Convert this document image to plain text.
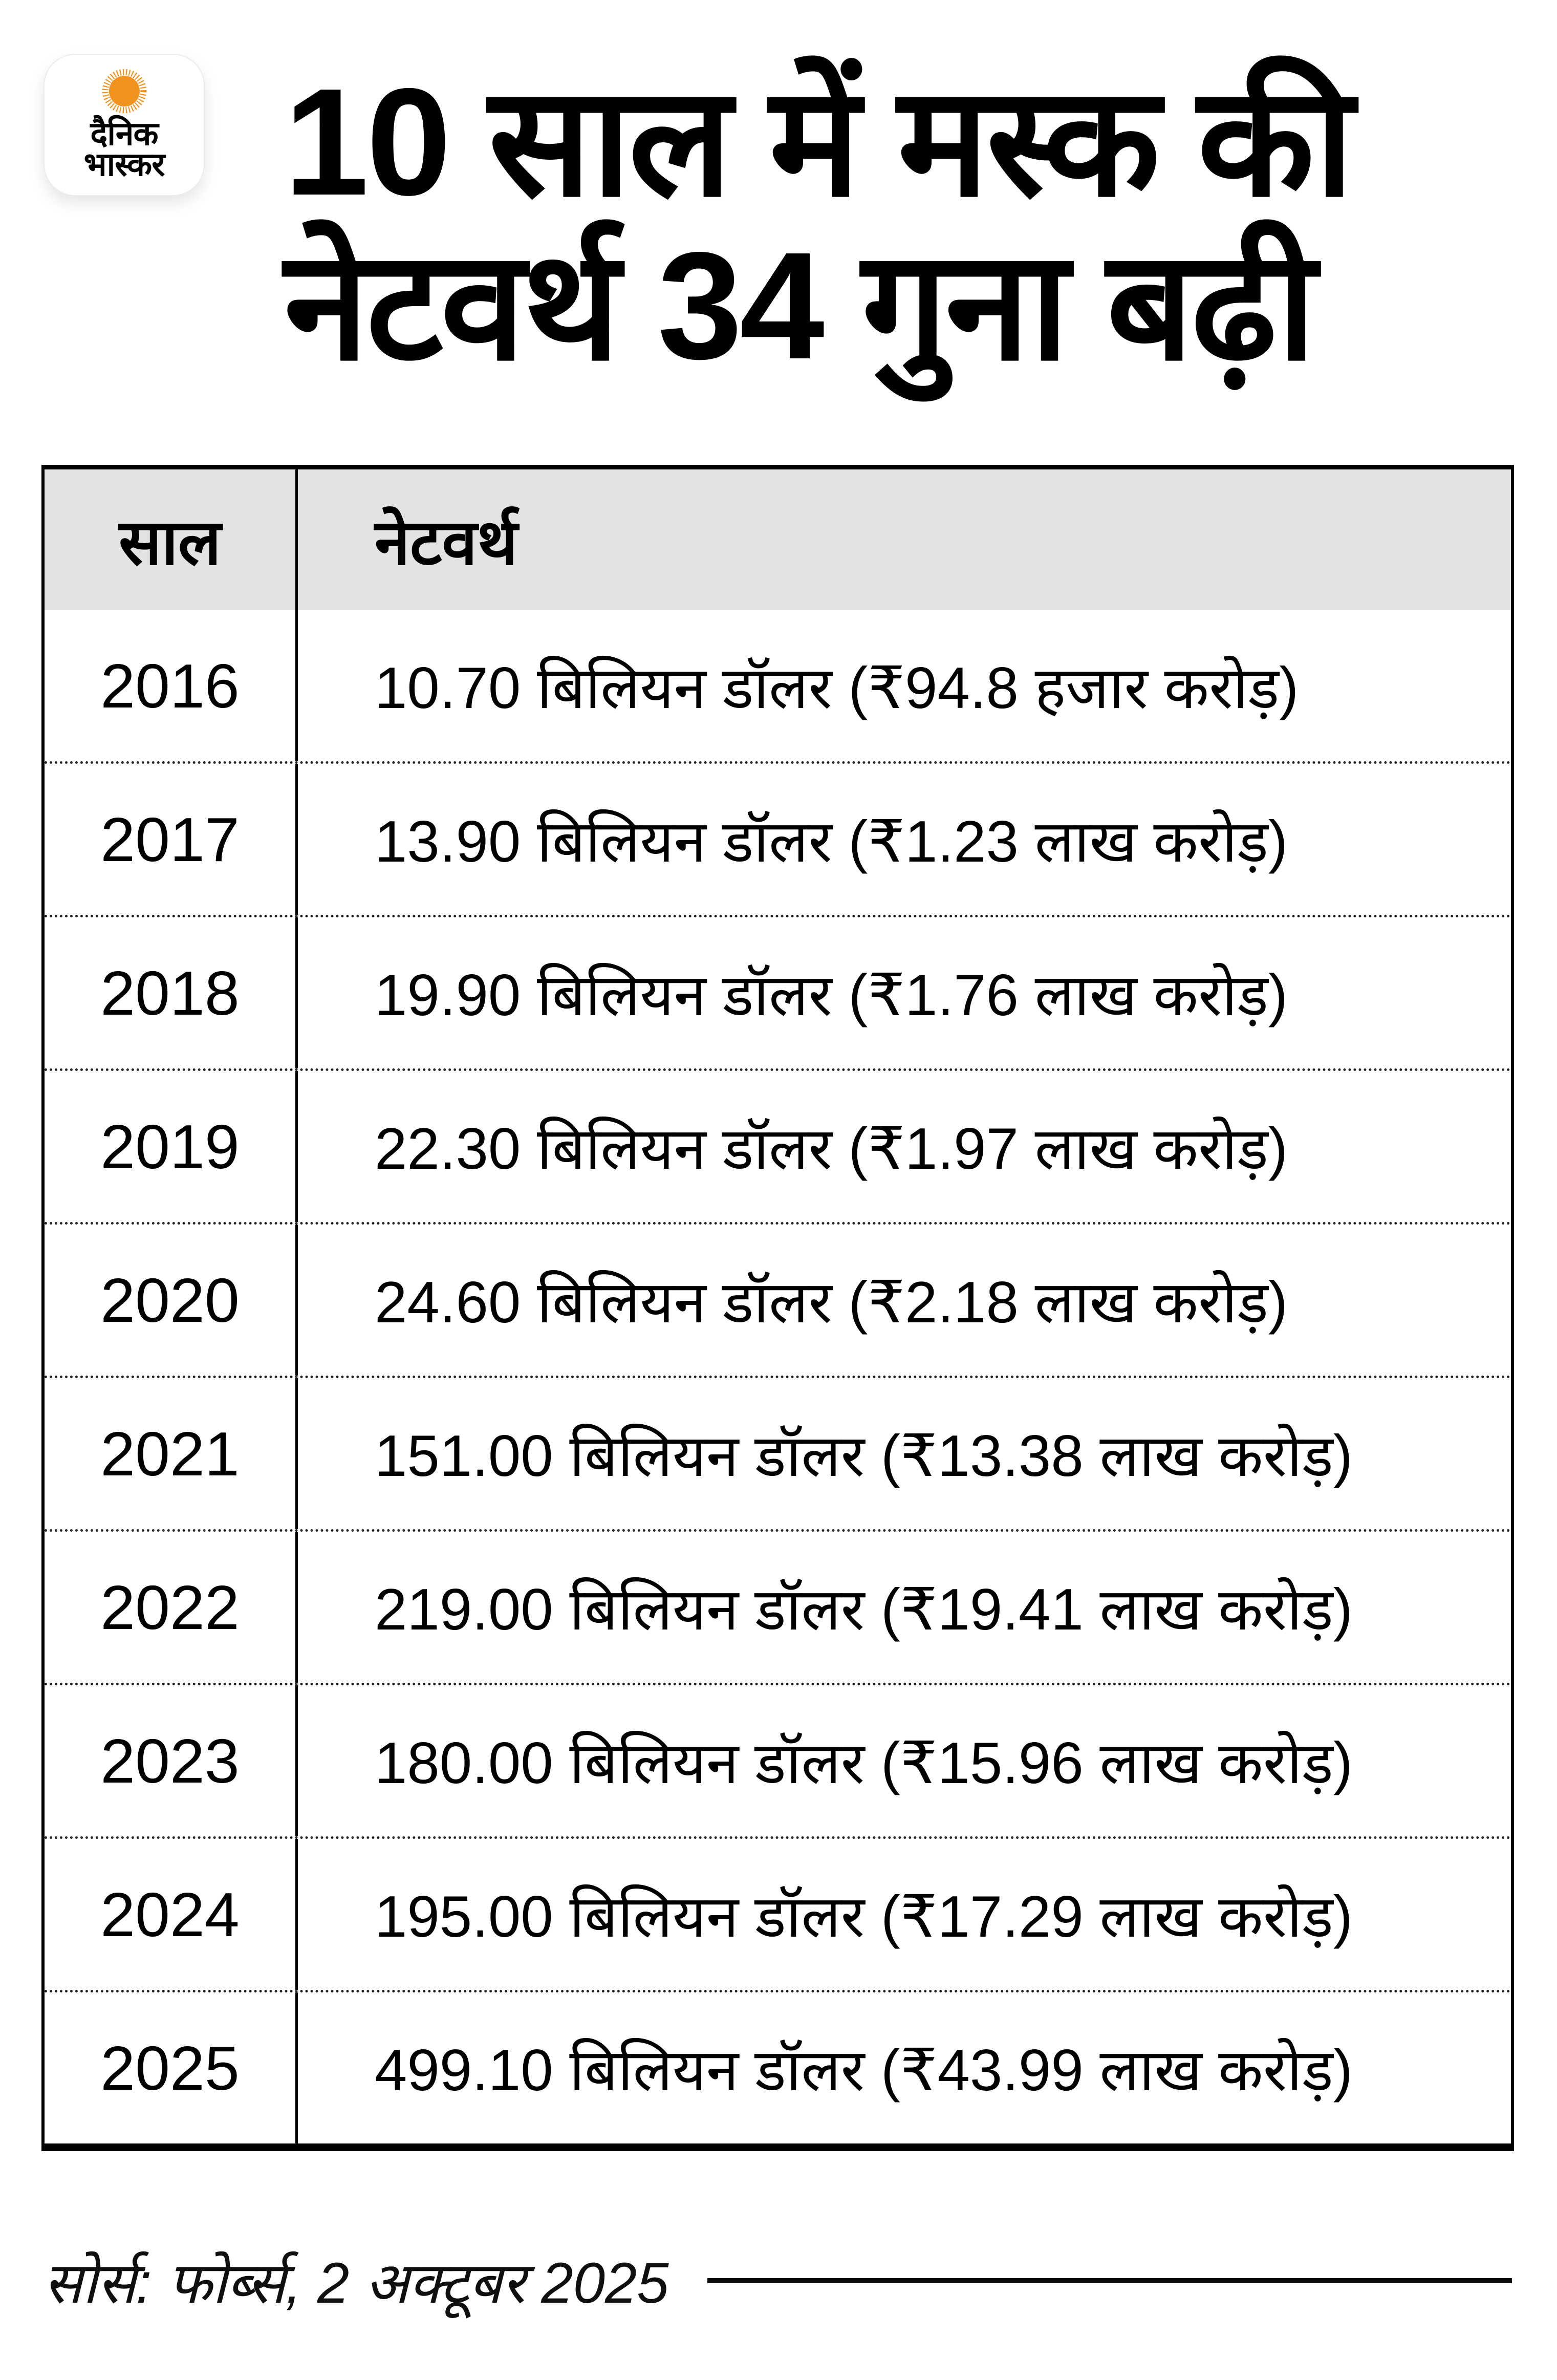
दैनिक
भास्कर 10 साल में मस्क की
नेटवर्थ 34 गुना बढ़ी
साल नेटवर्थ
2016 10.70 बिलियन डॉलर (₹94.8 हजार करोड़)
2017 13.90 बिलियन डॉलर (₹1.23 लाख करोड़)
2018 19.90 बिलियन डॉलर (₹1.76 लाख करोड़)
2019 22.30 बिलियन डॉलर (₹1.97 लाख करोड़)
2020 24.60 बिलियन डॉलर (₹2.18 लाख करोड़)
2021 151.00 बिलियन डॉलर (₹13.38 लाख करोड़)
2022 219.00 बिलियन डॉलर (₹19.41 लाख करोड़)
2023 180.00 बिलियन डॉलर (₹15.96 लाख करोड़)
2024 195.00 बिलियन डॉलर (₹17.29 लाख करोड़)
2025 499.10 बिलियन डॉलर (₹43.99 लाख करोड़)
सोर्स: फोर्ब्स, 2 अक्टूबर 2025
